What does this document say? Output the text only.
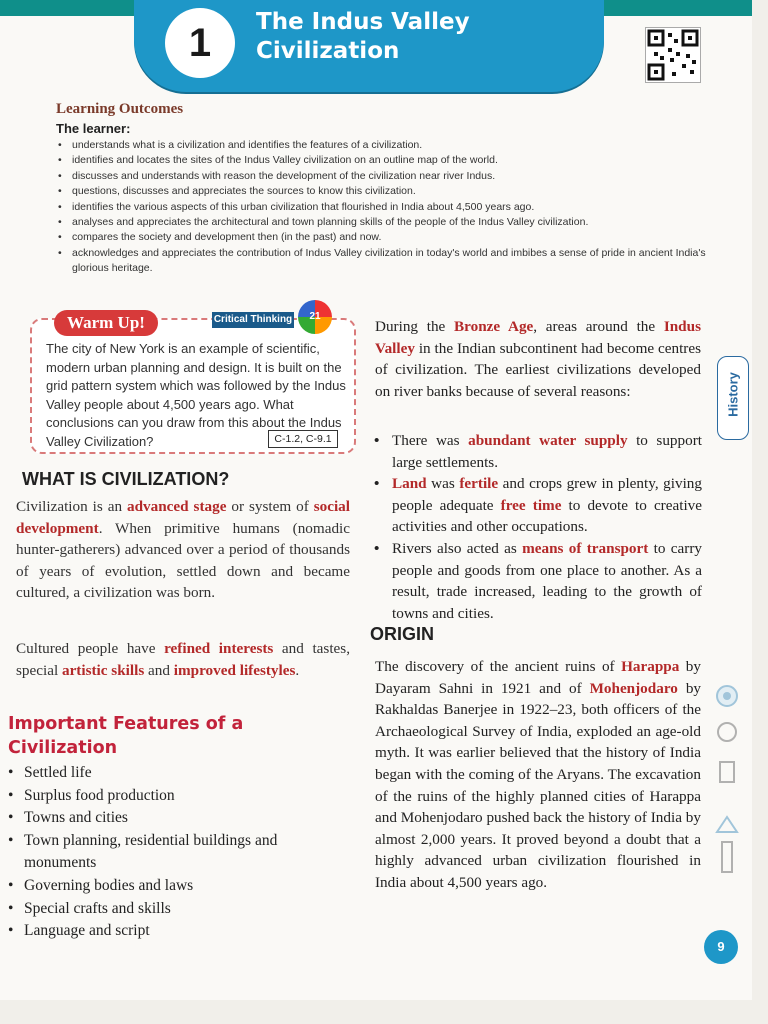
1	The Indus Valley
Civilization
Learning Outcomes
The learner:
• understands what is a civilization and identifies the features of a civilization.
• identifies and locates the sites of the Indus Valley civilization on an outline map of the world.
• discusses and understands with reason the development of the civilization near river Indus.
• questions, discusses and appreciates the sources to know this civilization.
• identifies the various aspects of this urban civilization that flourished in India about 4,500 years ago.
• analyses and appreciates the architectural and town planning skills of the people of the Indus Valley civilization.
• compares the society and development then (in the past) and now.
• acknowledges and appreciates the contribution of Indus Valley civilization in today's world and imbibes a sense of pride in ancient India's glorious heritage.
Warm Up!	Critical Thinking	21
The city of New York is an example of scientific, modern urban planning and design. It is built on the grid pattern system which was followed by the Indus Valley people about 4,500 years ago. What conclusions can you draw from this about the Indus Valley Civilization?	C-1.2, C-9.1
WHAT IS CIVILIZATION?
Civilization is an advanced stage or system of social development. When primitive humans (nomadic hunter-gatherers) advanced over a period of thousands of years of evolution, settled down and became cultured, a civilization was born.
Cultured people have refined interests and tastes, special artistic skills and improved lifestyles.
Important Features of a Civilization
• Settled life
• Surplus food production
• Towns and cities
• Town planning, residential buildings and monuments
• Governing bodies and laws
• Special crafts and skills
• Language and script
During the Bronze Age, areas around the Indus Valley in the Indian subcontinent had become centres of civilization. The earliest civilizations developed on river banks because of several reasons:
• There was abundant water supply to support large settlements.
• Land was fertile and crops grew in plenty, giving people adequate free time to devote to creative activities and other occupations.
• Rivers also acted as means of transport to carry people and goods from one place to another. As a result, trade increased, leading to the growth of towns and cities.
ORIGIN
The discovery of the ancient ruins of Harappa by Dayaram Sahni in 1921 and of Mohenjodaro by Rakhaldas Banerjee in 1922–23, both officers of the Archaeological Survey of India, exploded an age-old myth. It was earlier believed that the history of India began with the coming of the Aryans. The excavation of the ruins of the highly planned cities of Harappa and Mohenjodaro pushed back the history of India by almost 2,000 years. It proved beyond a doubt that a highly advanced urban civilization flourished in India about 4,500 years ago.
History
9
